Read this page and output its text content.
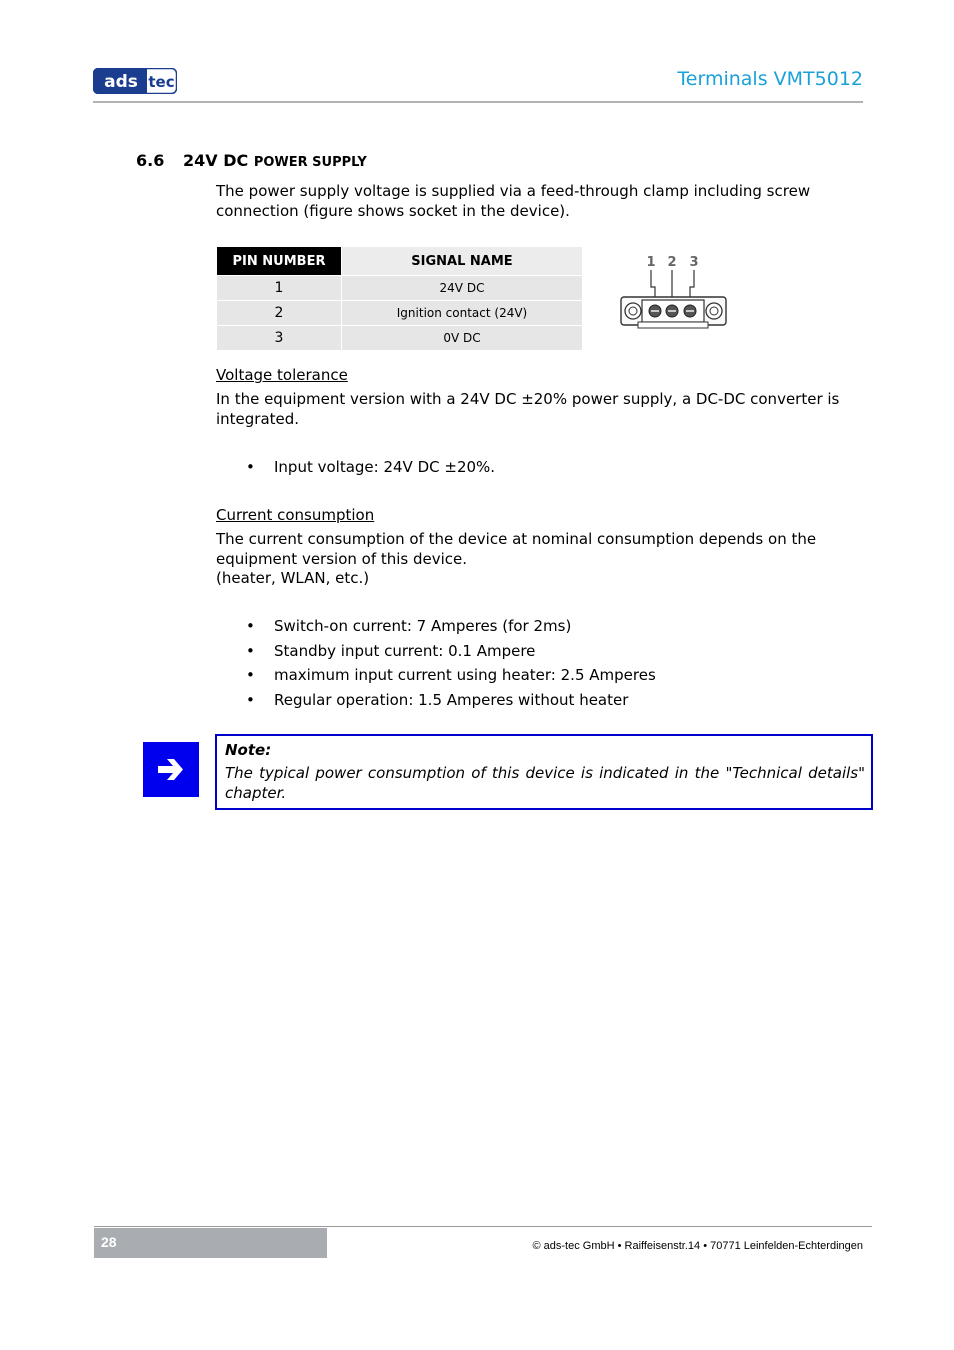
ads tec	Terminals VMT5012
6.6 24V DC POWER SUPPLY
The power supply voltage is supplied via a feed-through clamp including screw connection (figure shows socket in the device).
PIN NUMBER	SIGNAL NAME
1	24V DC
2	Ignition contact (24V)
3	0V DC
1 2 3
Voltage tolerance
In the equipment version with a 24V DC ±20% power supply, a DC-DC converter is integrated.
• Input voltage: 24V DC ±20%.
Current consumption
The current consumption of the device at nominal consumption depends on the equipment version of this device.
(heater, WLAN, etc.)
• Switch-on current: 7 Amperes (for 2ms)
• Standby input current: 0.1 Ampere
• maximum input current using heater: 2.5 Amperes
• Regular operation: 1.5 Amperes without heater
Note:
The typical power consumption of this device is indicated in the "Technical details" chapter.
28	© ads-tec GmbH • Raiffeisenstr.14 • 70771 Leinfelden-Echterdingen
